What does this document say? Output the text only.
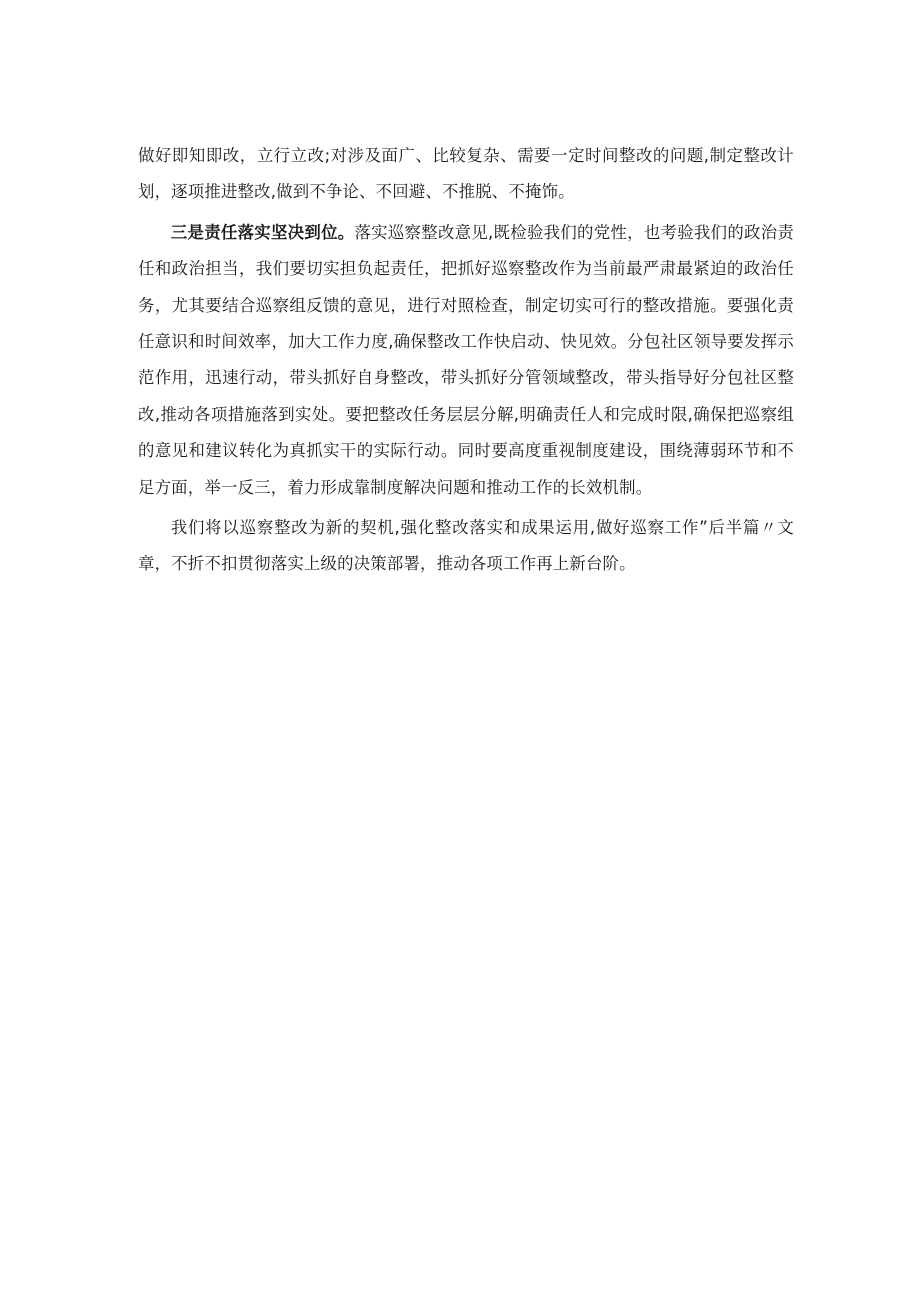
做好即知即改，立行立改;对涉及面广、比较复杂、需要一定时间整改的问题,制定整改计划，逐项推进整改,做到不争论、不回避、不推脱、不掩饰。

三是责任落实坚决到位。落实巡察整改意见,既检验我们的党性，也考验我们的政治责任和政治担当，我们要切实担负起责任，把抓好巡察整改作为当前最严肃最紧迫的政治任务，尤其要结合巡察组反馈的意见，进行对照检查，制定切实可行的整改措施。要强化责任意识和时间效率，加大工作力度,确保整改工作快启动、快见效。分包社区领导要发挥示范作用，迅速行动，带头抓好自身整改，带头抓好分管领域整改，带头指导好分包社区整改,推动各项措施落到实处。要把整改任务层层分解,明确责任人和完成时限,确保把巡察组的意见和建议转化为真抓实干的实际行动。同时要高度重视制度建设，围绕薄弱环节和不足方面，举一反三，着力形成靠制度解决问题和推动工作的长效机制。

我们将以巡察整改为新的契机,强化整改落实和成果运用,做好巡察工作”后半篇〃文章，不折不扣贯彻落实上级的决策部署，推动各项工作再上新台阶。
